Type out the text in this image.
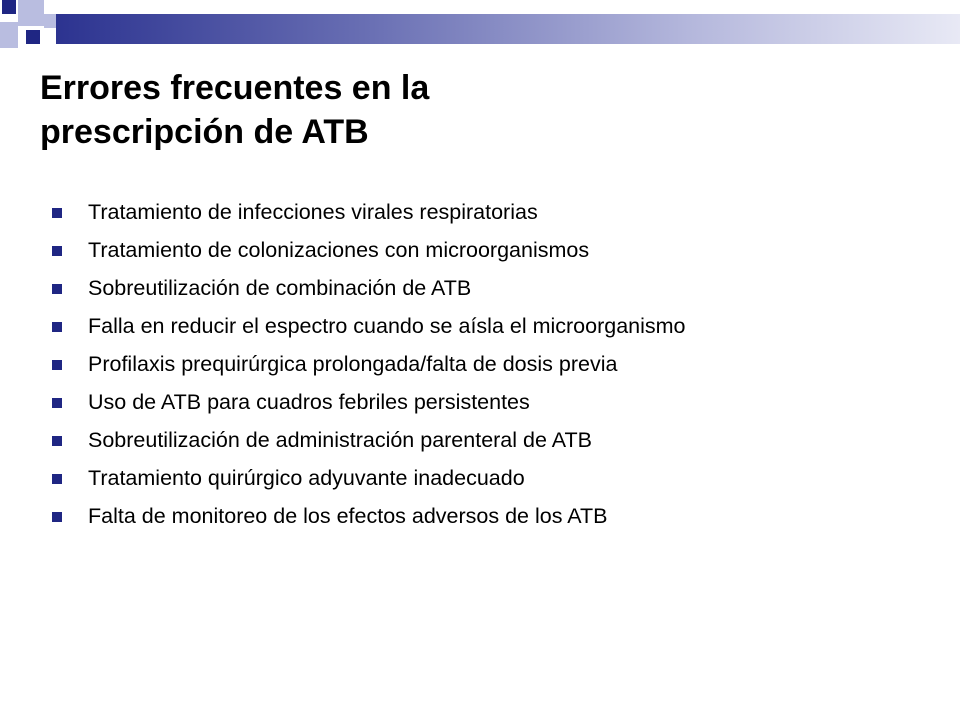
Errores frecuentes en la
prescripción de ATB
Tratamiento de infecciones virales respiratorias
Tratamiento de colonizaciones con microorganismos
Sobreutilización de combinación de ATB
Falla en reducir el espectro cuando se aísla el microorganismo
Profilaxis prequirúrgica prolongada/falta de dosis previa
Uso de ATB para cuadros febriles persistentes
Sobreutilización de administración parenteral de ATB
Tratamiento quirúrgico adyuvante inadecuado
Falta de monitoreo de los efectos adversos de los ATB
